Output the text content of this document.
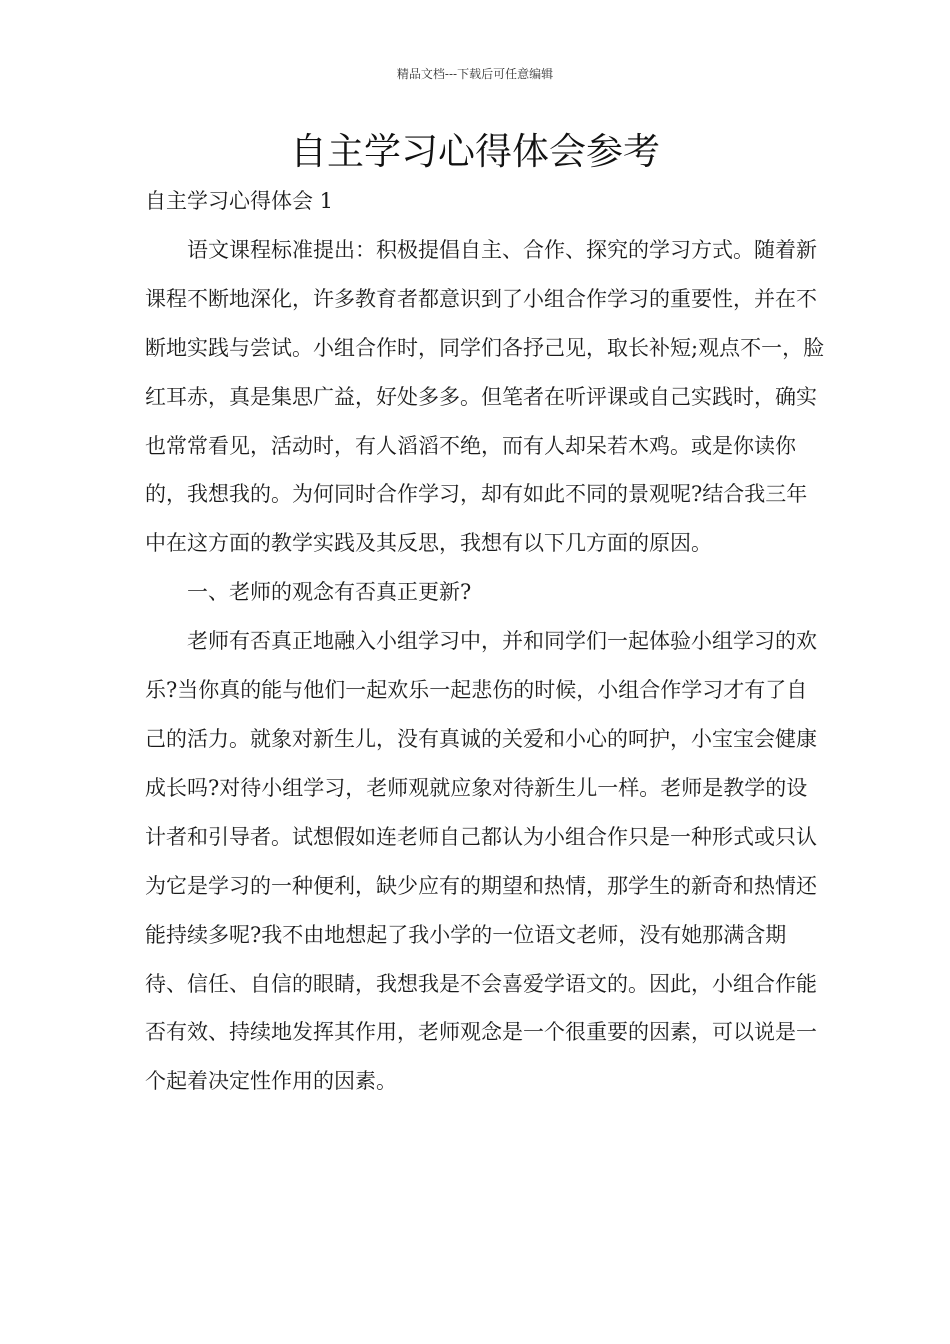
精品文档---下载后可任意编辑
自主学习心得体会参考

自主学习心得体会 1

语文课程标准提出：积极提倡自主、合作、探究的学习方式。随着新课程不断地深化，许多教育者都意识到了小组合作学习的重要性，并在不断地实践与尝试。小组合作时，同学们各抒己见，取长补短;观点不一，脸红耳赤，真是集思广益，好处多多。但笔者在听评课或自己实践时，确实也常常看见，活动时，有人滔滔不绝，而有人却呆若木鸡。或是你读你的，我想我的。为何同时合作学习，却有如此不同的景观呢?结合我三年中在这方面的教学实践及其反思，我想有以下几方面的原因。

一、老师的观念有否真正更新?

老师有否真正地融入小组学习中，并和同学们一起体验小组学习的欢乐?当你真的能与他们一起欢乐一起悲伤的时候，小组合作学习才有了自己的活力。就象对新生儿，没有真诚的关爱和小心的呵护，小宝宝会健康成长吗?对待小组学习，老师观就应象对待新生儿一样。老师是教学的设计者和引导者。试想假如连老师自己都认为小组合作只是一种形式或只认为它是学习的一种便利，缺少应有的期望和热情，那学生的新奇和热情还能持续多呢?我不由地想起了我小学的一位语文老师，没有她那满含期待、信任、自信的眼睛，我想我是不会喜爱学语文的。因此，小组合作能否有效、持续地发挥其作用，老师观念是一个很重要的因素，可以说是一个起着决定性作用的因素。
